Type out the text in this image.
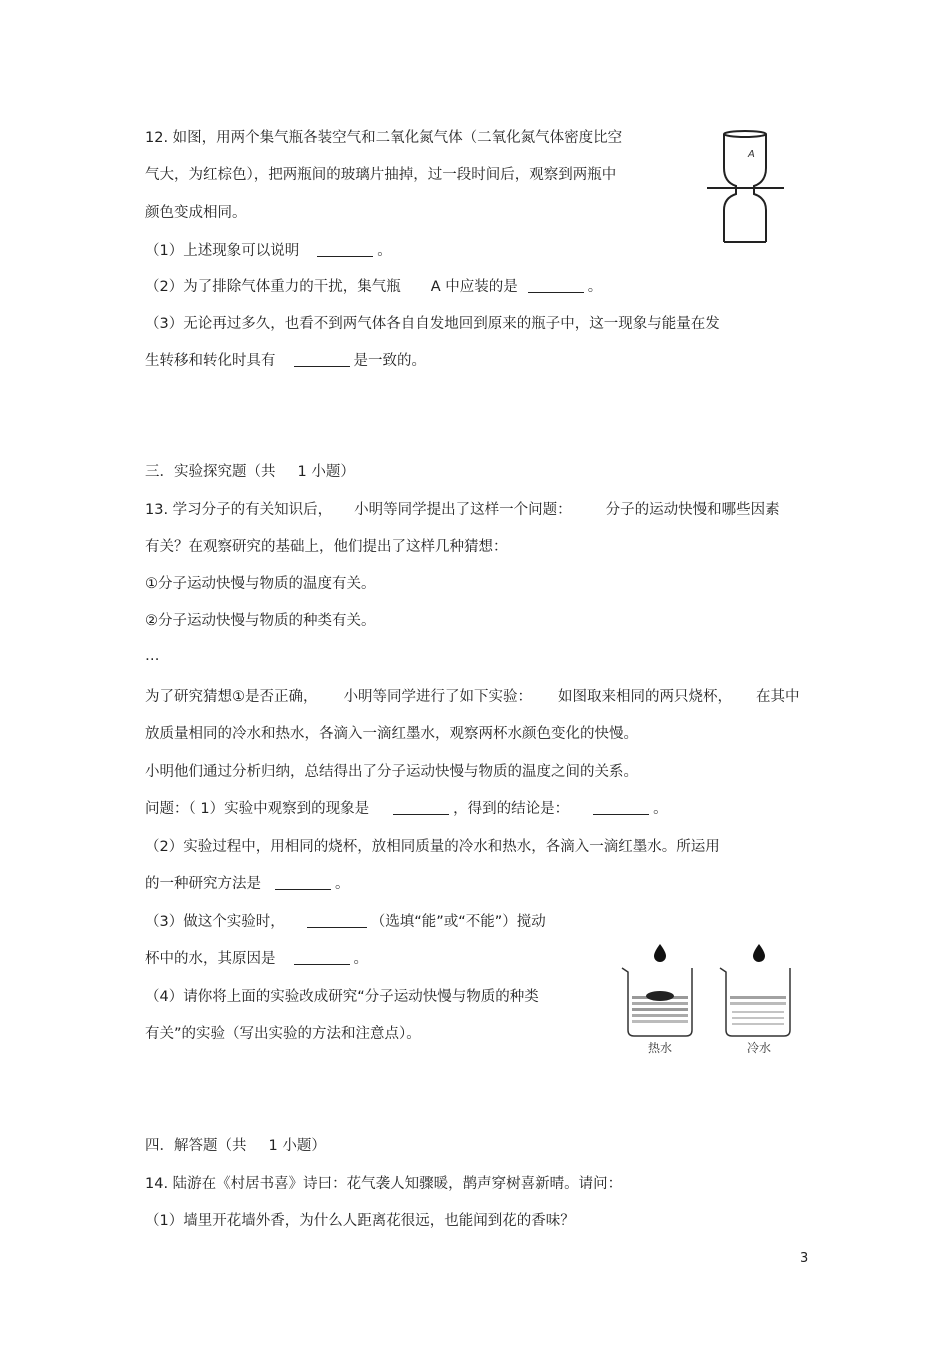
12. 如图，用两个集气瓶各装空气和二氧化氮气体（二氧化氮气体密度比空
气大，为红棕色），把两瓶间的玻璃片抽掉，过一段时间后，观察到两瓶中
颜色变成相同。
（1）上述现象可以说明	。
（2）为了排除气体重力的干扰，集气瓶 A 中应装的是	。
（3）无论再过多久，也看不到两气体各自自发地回到原来的瓶子中，这一现象与能量在发
生转移和转化时具有	是一致的。
A
三．实验探究题（共 1 小题）
13. 学习分子的有关知识后， 小明等同学提出了这样一个问题： 分子的运动快慢和哪些因素
有关？在观察研究的基础上，他们提出了这样几种猜想：
①分子运动快慢与物质的温度有关。
②分子运动快慢与物质的种类有关。
…
为了研究猜想①是否正确， 小明等同学进行了如下实验： 如图取来相同的两只烧杯， 在其中
放质量相同的冷水和热水，各滴入一滴红墨水，观察两杯水颜色变化的快慢。
小明他们通过分析归纳，总结得出了分子运动快慢与物质的温度之间的关系。
问题：（ 1）实验中观察到的现象是	，得到的结论是：	。
（2）实验过程中，用相同的烧杯，放相同质量的冷水和热水，各滴入一滴红墨水。所运用
的一种研究方法是	。
（3）做这个实验时，	（选填“能”或“不能”）搅动
杯中的水，其原因是	。
（4）请你将上面的实验改成研究“分子运动快慢与物质的种类
有关”的实验（写出实验的方法和注意点）。
热水	冷水
四．解答题（共 1 小题）
14. 陆游在《村居书喜》诗曰：花气袭人知骤暖，鹊声穿树喜新晴。请问：
（1）墙里开花墙外香，为什么人距离花很远，也能闻到花的香味？
3
